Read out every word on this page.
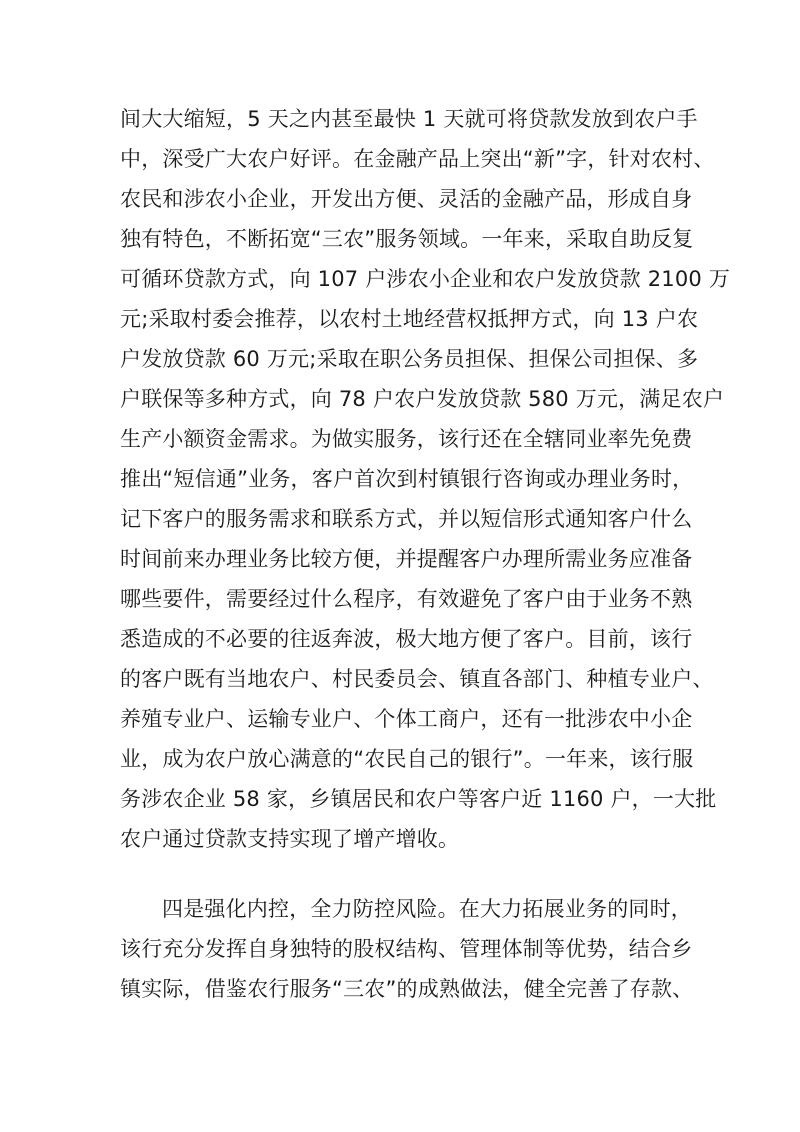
间大大缩短，5 天之内甚至最快 1 天就可将贷款发放到农户手
中，深受广大农户好评。在金融产品上突出“新”字，针对农村、
农民和涉农小企业，开发出方便、灵活的金融产品，形成自身
独有特色，不断拓宽“三农”服务领域。一年来，采取自助反复
可循环贷款方式，向 107 户涉农小企业和农户发放贷款 2100 万
元;采取村委会推荐，以农村土地经营权抵押方式，向 13 户农
户发放贷款 60 万元;采取在职公务员担保、担保公司担保、多
户联保等多种方式，向 78 户农户发放贷款 580 万元，满足农户
生产小额资金需求。为做实服务，该行还在全辖同业率先免费
推出“短信通”业务，客户首次到村镇银行咨询或办理业务时，
记下客户的服务需求和联系方式，并以短信形式通知客户什么
时间前来办理业务比较方便，并提醒客户办理所需业务应准备
哪些要件，需要经过什么程序，有效避免了客户由于业务不熟
悉造成的不必要的往返奔波，极大地方便了客户。目前，该行
的客户既有当地农户、村民委员会、镇直各部门、种植专业户、
养殖专业户、运输专业户、个体工商户，还有一批涉农中小企
业，成为农户放心满意的“农民自己的银行”。一年来，该行服
务涉农企业 58 家，乡镇居民和农户等客户近 1160 户，一大批
农户通过贷款支持实现了增产增收。
四是强化内控，全力防控风险。在大力拓展业务的同时，
该行充分发挥自身独特的股权结构、管理体制等优势，结合乡
镇实际，借鉴农行服务“三农”的成熟做法，健全完善了存款、
